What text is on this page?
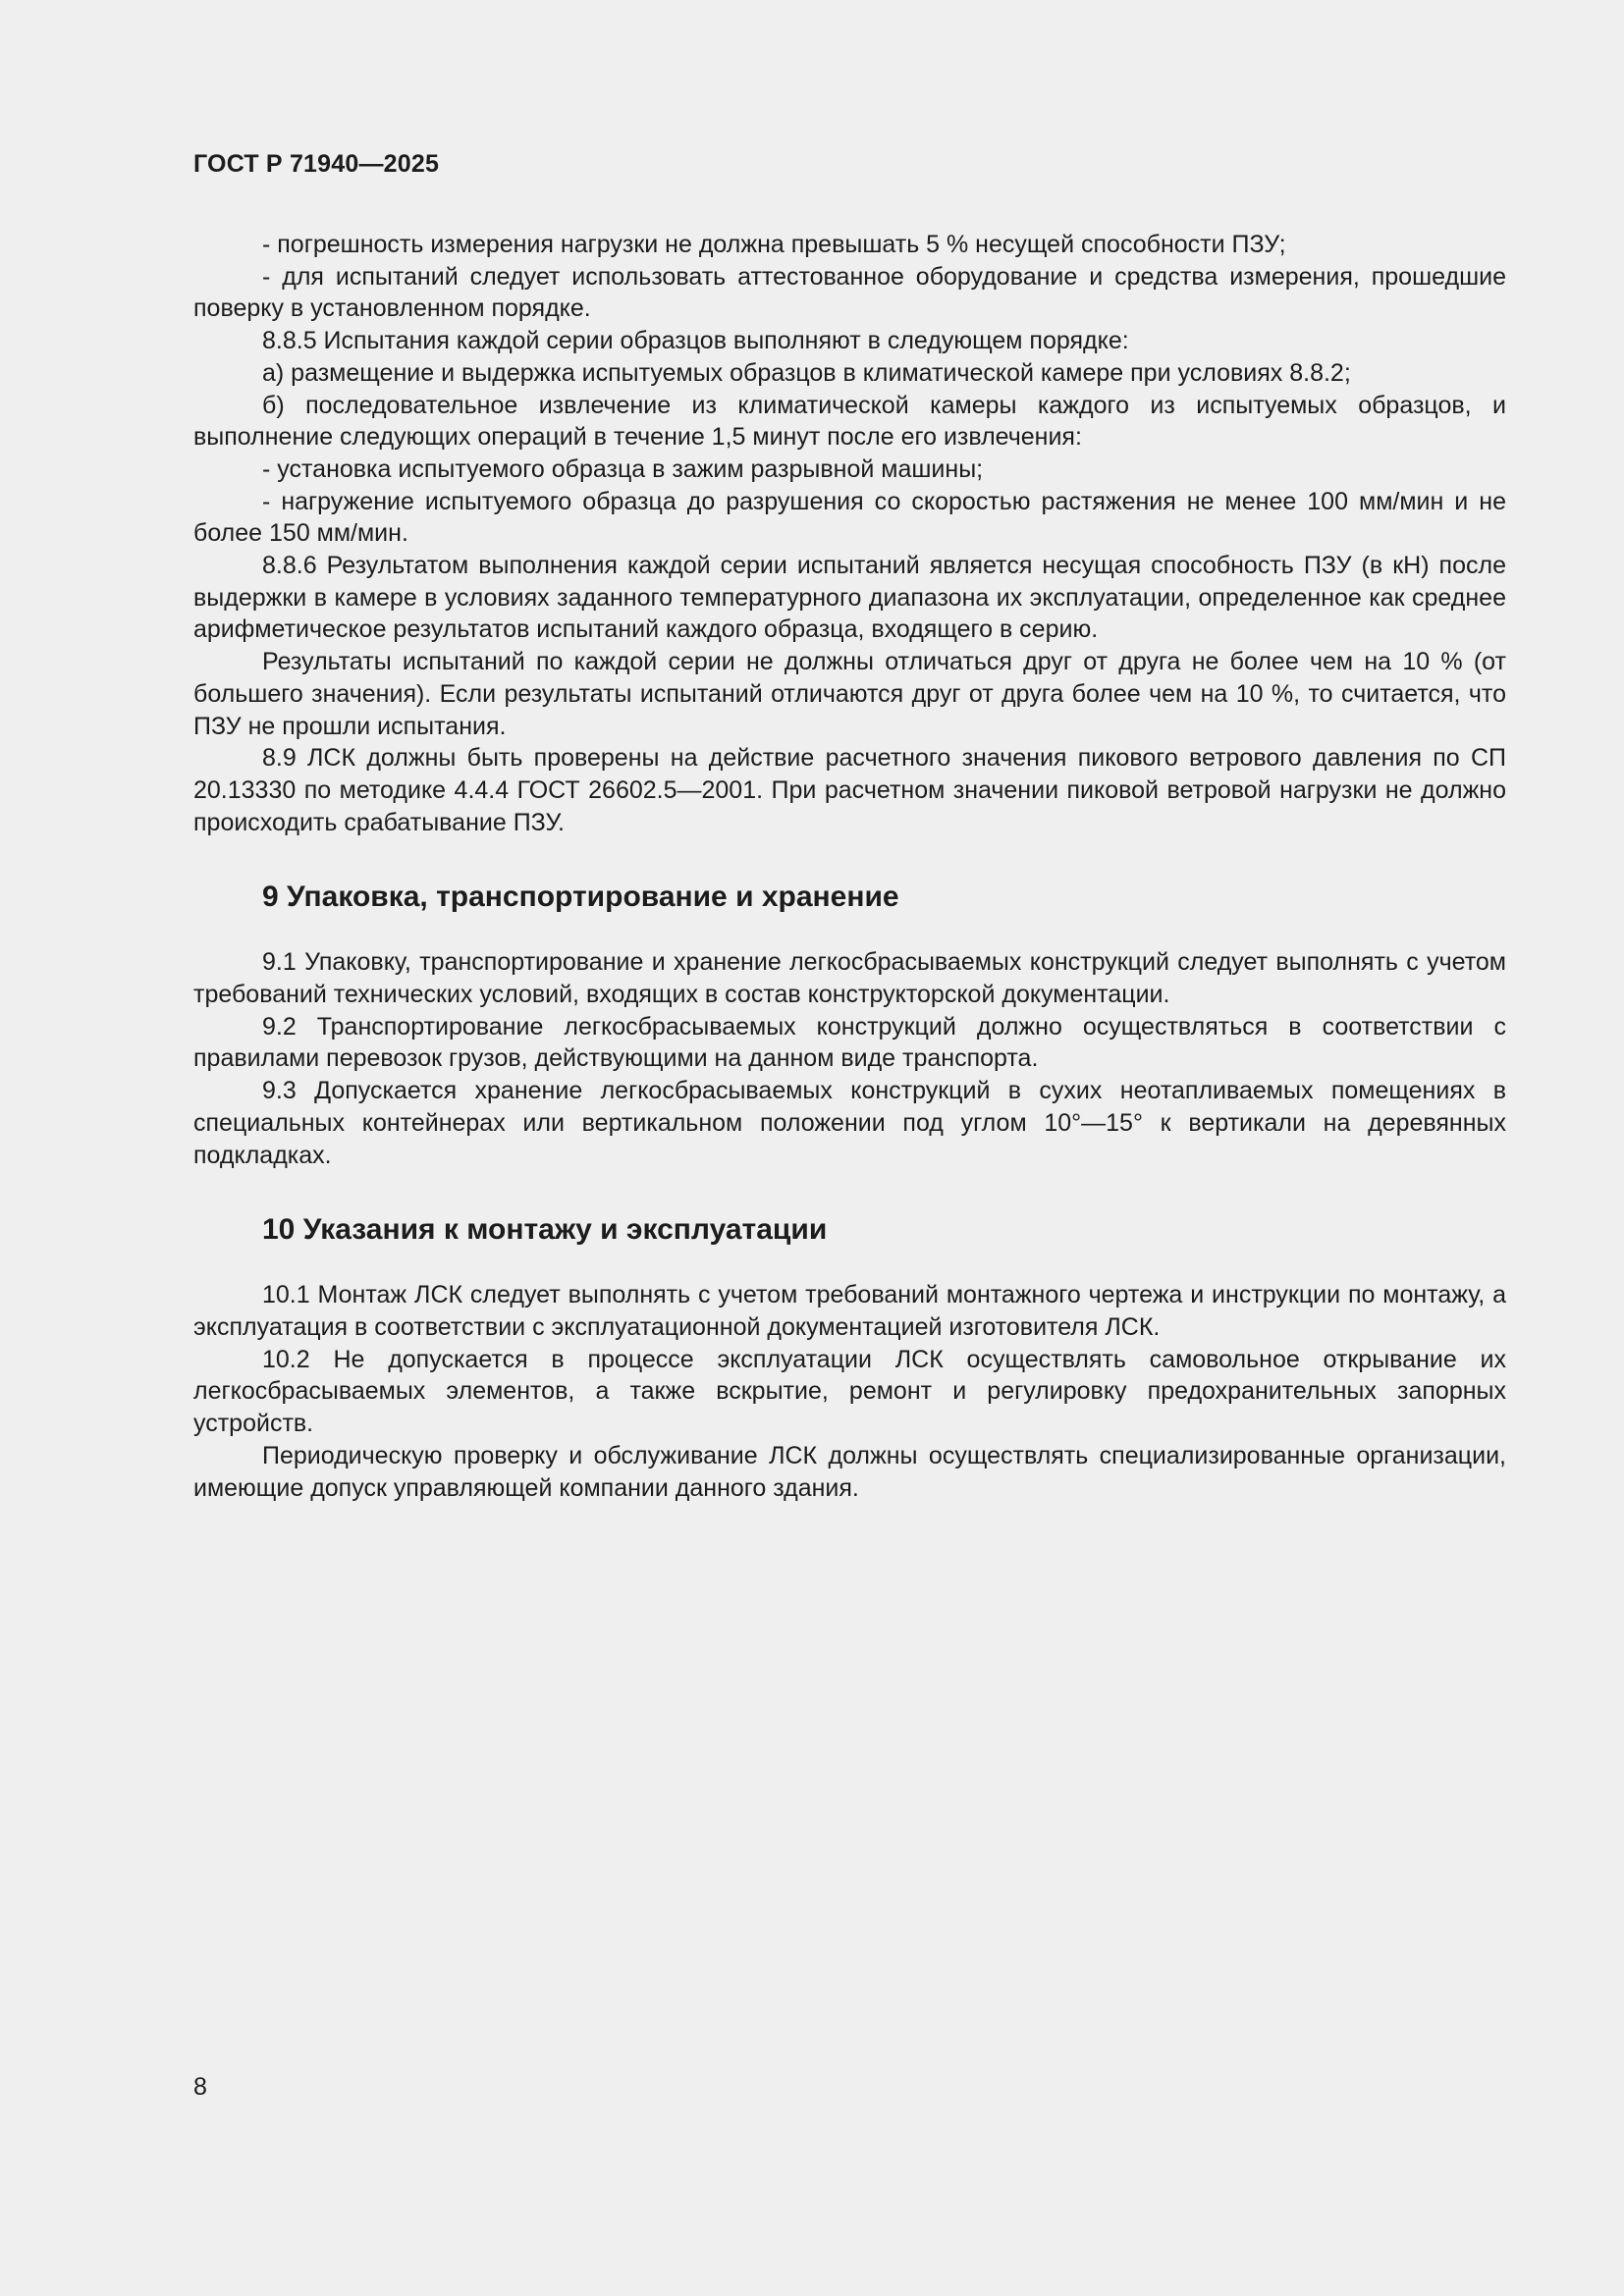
ГОСТ Р 71940—2025

- погрешность измерения нагрузки не должна превышать 5 % несущей способности ПЗУ;

- для испытаний следует использовать аттестованное оборудование и средства измерения, прошедшие поверку в установленном порядке.

8.8.5 Испытания каждой серии образцов выполняют в следующем порядке:

а) размещение и выдержка испытуемых образцов в климатической камере при условиях 8.8.2;

б) последовательное извлечение из климатической камеры каждого из испытуемых образцов, и выполнение следующих операций в течение 1,5 минут после его извлечения:

- установка испытуемого образца в зажим разрывной машины;

- нагружение испытуемого образца до разрушения со скоростью растяжения не менее 100 мм/мин и не более 150 мм/мин.

8.8.6 Результатом выполнения каждой серии испытаний является несущая способность ПЗУ (в кН) после выдержки в камере в условиях заданного температурного диапазона их эксплуатации, определенное как среднее арифметическое результатов испытаний каждого образца, входящего в серию.

Результаты испытаний по каждой серии не должны отличаться друг от друга не более чем на 10 % (от большего значения). Если результаты испытаний отличаются друг от друга более чем на 10 %, то считается, что ПЗУ не прошли испытания.

8.9 ЛСК должны быть проверены на действие расчетного значения пикового ветрового давления по СП 20.13330 по методике 4.4.4 ГОСТ 26602.5—2001. При расчетном значении пиковой ветровой нагрузки не должно происходить срабатывание ПЗУ.

9 Упаковка, транспортирование и хранение

9.1 Упаковку, транспортирование и хранение легкосбрасываемых конструкций следует выполнять с учетом требований технических условий, входящих в состав конструкторской документации.

9.2 Транспортирование легкосбрасываемых конструкций должно осуществляться в соответствии с правилами перевозок грузов, действующими на данном виде транспорта.

9.3 Допускается хранение легкосбрасываемых конструкций в сухих неотапливаемых помещениях в специальных контейнерах или вертикальном положении под углом 10°—15° к вертикали на деревянных подкладках.

10 Указания к монтажу и эксплуатации

10.1 Монтаж ЛСК следует выполнять с учетом требований монтажного чертежа и инструкции по монтажу, а эксплуатация в соответствии с эксплуатационной документацией изготовителя ЛСК.

10.2 Не допускается в процессе эксплуатации ЛСК осуществлять самовольное открывание их легкосбрасываемых элементов, а также вскрытие, ремонт и регулировку предохранительных запорных устройств.

Периодическую проверку и обслуживание ЛСК должны осуществлять специализированные организации, имеющие допуск управляющей компании данного здания.

8
